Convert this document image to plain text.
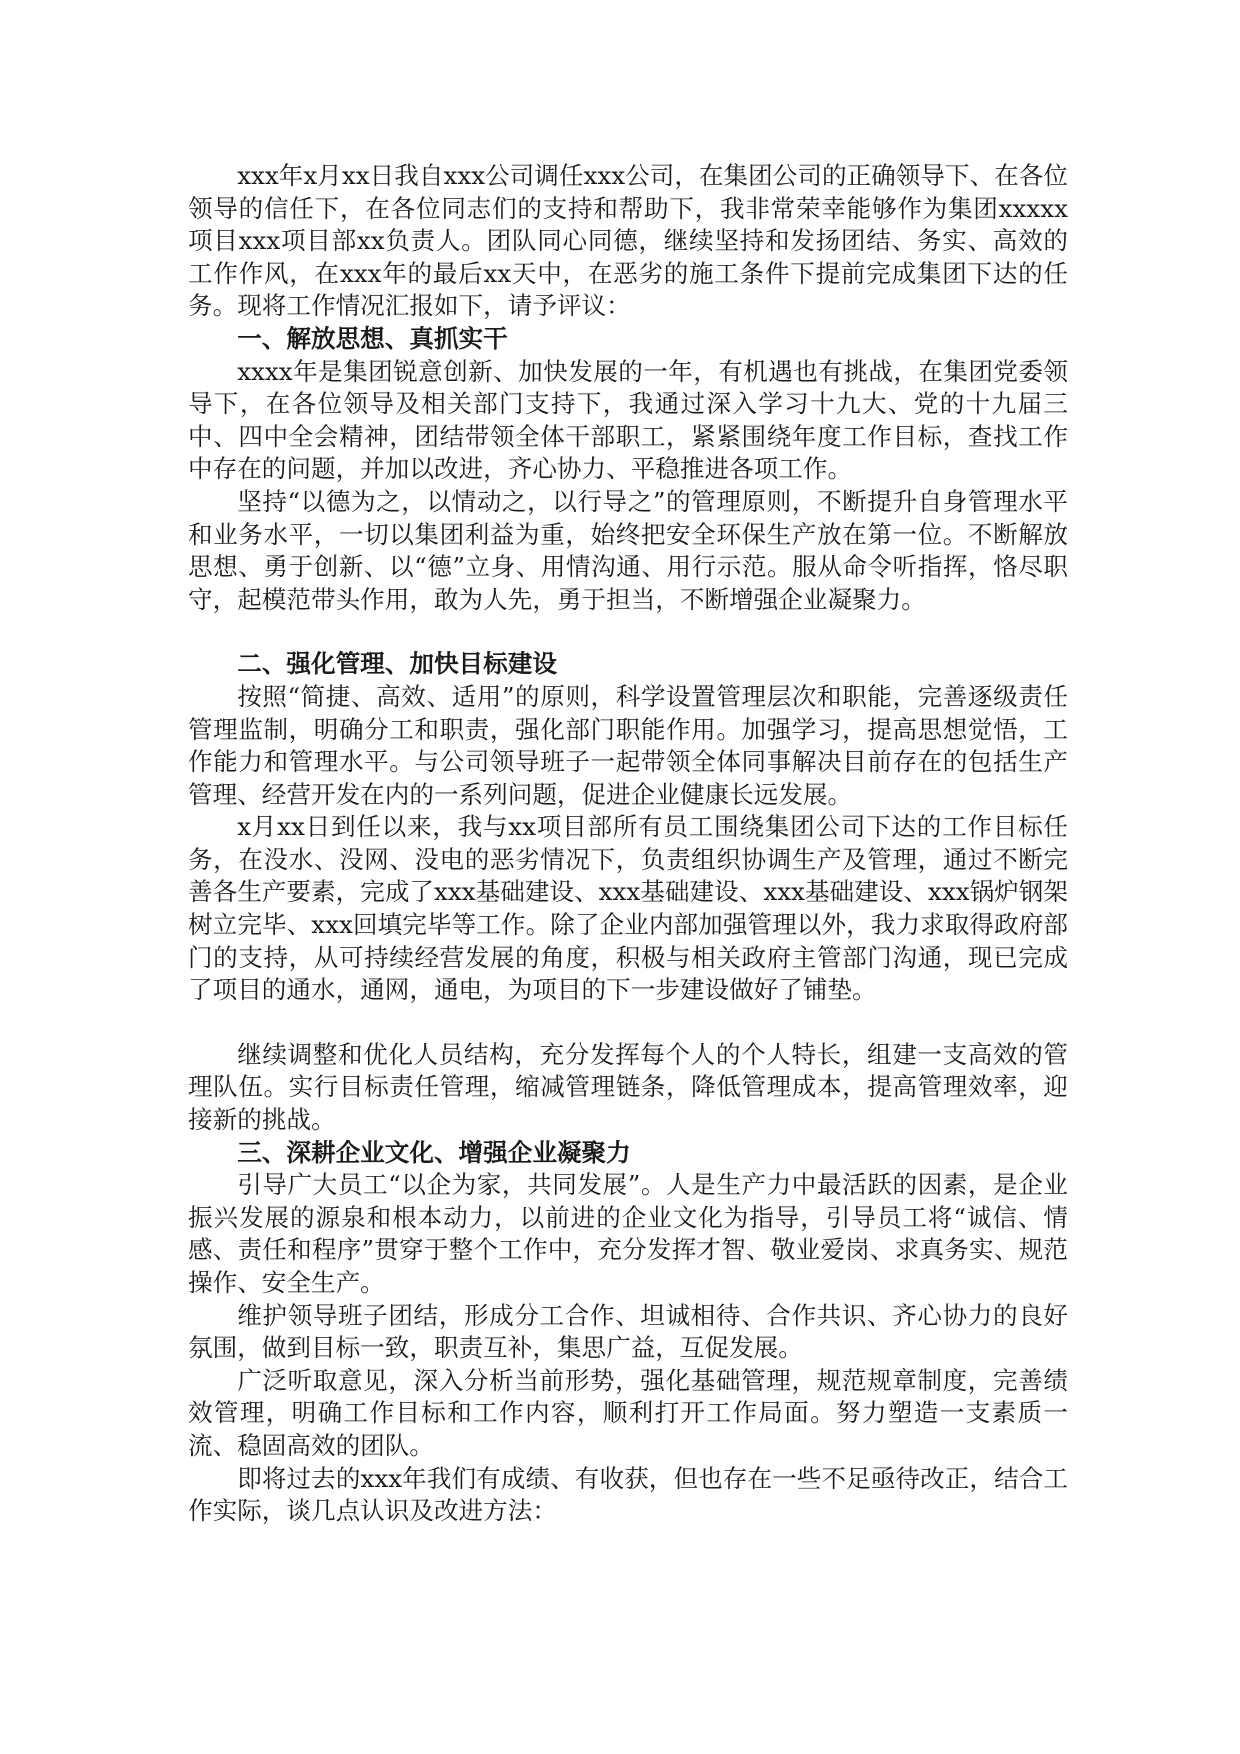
xxx年x月xx日我自xxx公司调任xxx公司，在集团公司的正确领导下、在各位领导的信任下，在各位同志们的支持和帮助下，我非常荣幸能够作为集团xxxxx项目xxx项目部xx负责人。团队同心同德，继续坚持和发扬团结、务实、高效的工作作风，在xxx年的最后xx天中，在恶劣的施工条件下提前完成集团下达的任务。现将工作情况汇报如下，请予评议：

一、解放思想、真抓实干

xxxx年是集团锐意创新、加快发展的一年，有机遇也有挑战，在集团党委领导下，在各位领导及相关部门支持下，我通过深入学习十九大、党的十九届三中、四中全会精神，团结带领全体干部职工，紧紧围绕年度工作目标，查找工作中存在的问题，并加以改进，齐心协力、平稳推进各项工作。

坚持“以德为之，以情动之，以行导之”的管理原则，不断提升自身管理水平和业务水平，一切以集团利益为重，始终把安全环保生产放在第一位。不断解放思想、勇于创新、以“德”立身、用情沟通、用行示范。服从命令听指挥，恪尽职守，起模范带头作用，敢为人先，勇于担当，不断增强企业凝聚力。

二、强化管理、加快目标建设

按照“简捷、高效、适用”的原则，科学设置管理层次和职能，完善逐级责任管理监制，明确分工和职责，强化部门职能作用。加强学习，提高思想觉悟，工作能力和管理水平。与公司领导班子一起带领全体同事解决目前存在的包括生产管理、经营开发在内的一系列问题，促进企业健康长远发展。

x月xx日到任以来，我与xx项目部所有员工围绕集团公司下达的工作目标任务，在没水、没网、没电的恶劣情况下，负责组织协调生产及管理，通过不断完善各生产要素，完成了xxx基础建设、xxx基础建设、xxx基础建设、xxx锅炉钢架树立完毕、xxx回填完毕等工作。除了企业内部加强管理以外，我力求取得政府部门的支持，从可持续经营发展的角度，积极与相关政府主管部门沟通，现已完成了项目的通水，通网，通电，为项目的下一步建设做好了铺垫。

继续调整和优化人员结构，充分发挥每个人的个人特长，组建一支高效的管理队伍。实行目标责任管理，缩减管理链条，降低管理成本，提高管理效率，迎接新的挑战。

三、深耕企业文化、增强企业凝聚力

引导广大员工“以企为家，共同发展”。人是生产力中最活跃的因素，是企业振兴发展的源泉和根本动力，以前进的企业文化为指导，引导员工将“诚信、情感、责任和程序”贯穿于整个工作中，充分发挥才智、敬业爱岗、求真务实、规范操作、安全生产。

维护领导班子团结，形成分工合作、坦诚相待、合作共识、齐心协力的良好氛围，做到目标一致，职责互补，集思广益，互促发展。

广泛听取意见，深入分析当前形势，强化基础管理，规范规章制度，完善绩效管理，明确工作目标和工作内容，顺利打开工作局面。努力塑造一支素质一流、稳固高效的团队。

即将过去的xxx年我们有成绩、有收获，但也存在一些不足亟待改正，结合工作实际，谈几点认识及改进方法：
